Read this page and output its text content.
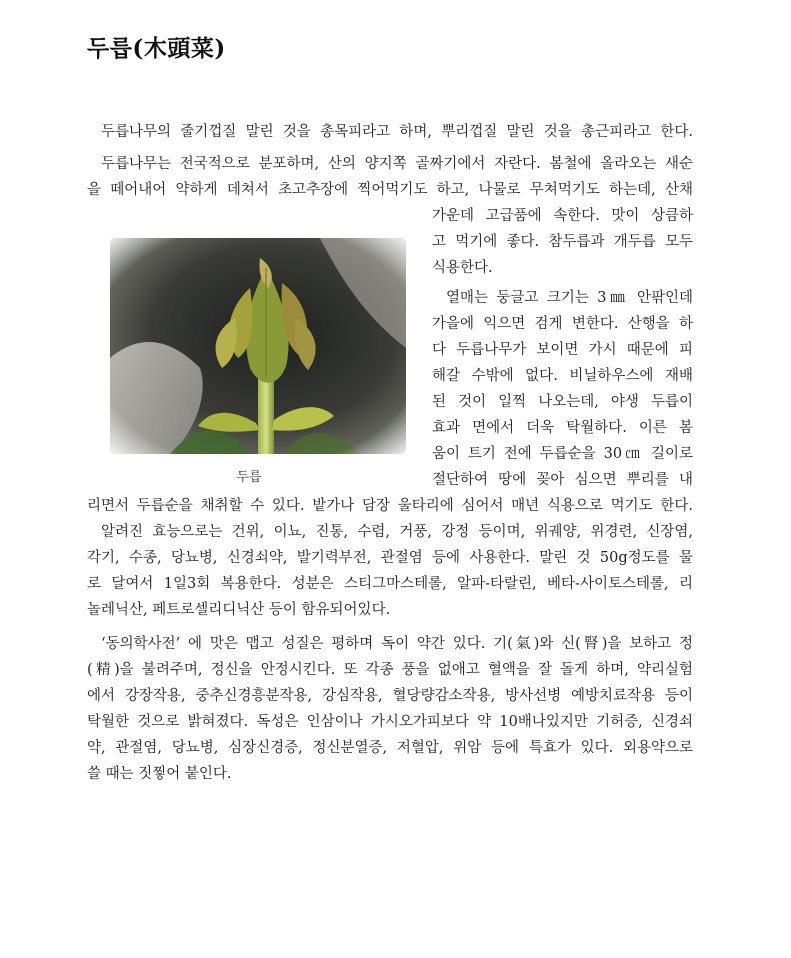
두릅(木頭菜)
두릅
두릅나무의 줄기껍질 말린 것을 총목피라고 하며, 뿌리껍질 말린 것을 총근피라고 한다.
두릅나무는 전국적으로 분포하며, 산의 양지쪽 골짜기에서 자란다. 봄철에 올라오는 새순
을 떼어내어 약하게 데쳐서 초고추장에 찍어먹기도 하고, 나물로 무쳐먹기도 하는데, 산채
가운데 고급품에 속한다. 맛이 상큼하
고 먹기에 좋다. 참두릅과 개두릅 모두
식용한다.
열매는 둥글고 크기는 3㎜ 안팎인데
가을에 익으면 검게 변한다. 산행을 하
다 두릅나무가 보이면 가시 때문에 피
해갈 수밖에 없다. 비닐하우스에 재배
된 것이 일찍 나오는데, 야생 두릅이
효과 면에서 더욱 탁월하다. 이른 봄
움이 트기 전에 두릅순을 30㎝ 길이로
절단하여 땅에 꽂아 심으면 뿌리를 내
리면서 두릅순을 채취할 수 있다. 밭가나 담장 울타리에 심어서 매년 식용으로 먹기도 한다.
알려진 효능으로는 건위, 이뇨, 진통, 수렴, 거풍, 강정 등이며, 위궤양, 위경련, 신장염,
각기, 수종, 당뇨병, 신경쇠약, 발기력부전, 관절염 등에 사용한다. 말린 것 50g정도를 물
로 달여서 1일3회 복용한다. 성분은 스티그마스테롤, 알파-타랄린, 베타-사이토스테롤, 리
놀레닉산, 페트로셀리디닉산 등이 함유되어있다.
‘동의학사전’ 에 맛은 맵고 성질은 평하며 독이 약간 있다. 기(氣)와 신(腎)을 보하고 정
(精)을 불려주며, 정신을 안정시킨다. 또 각종 풍을 없애고 혈액을 잘 돌게 하며, 약리실험
에서 강장작용, 중추신경흥분작용, 강심작용, 혈당량감소작용, 방사선병 예방치료작용 등이
탁월한 것으로 밝혀졌다. 독성은 인삼이나 가시오가피보다 약 10배나있지만 기허증, 신경쇠
약, 관절염, 당뇨병, 심장신경증, 정신분열증, 저혈압, 위암 등에 특효가 있다. 외용약으로
쓸 때는 짓찧어 붙인다.
